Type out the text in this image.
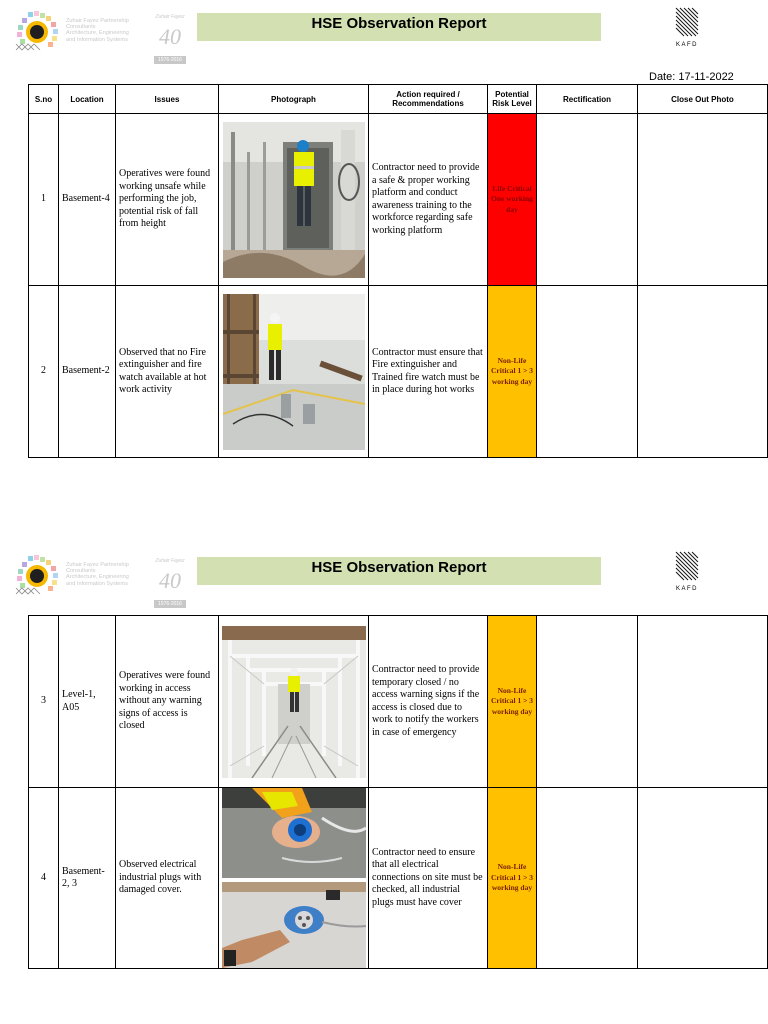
Zuhair Fayez Partnership
Consultants
Architecture, Engineering
and Information Systems
Zuhair Fayez
40
1976-2016
HSE Observation Report
KAFD
Date: 17-11-2022
S.no	Location	Issues	Photograph	Action required / Recommendations	Potential Risk Level	Rectification	Close Out Photo
1	Basement-4	Operatives were found working unsafe while performing the job, potential risk of fall from height		Contractor need to provide a safe & proper working platform and conduct awareness training to the workforce regarding safe working platform	Life Critical One working day		
2	Basement-2	Observed that no Fire extinguisher and fire watch available at hot work activity		Contractor must ensure that Fire extinguisher and Trained fire watch must be in place during hot works	Non-Life Critical 1 > 3 working day		
Zuhair Fayez Partnership
Consultants
Architecture, Engineering
and Information Systems
Zuhair Fayez
40
1976-2016
HSE Observation Report
KAFD
3	Level-1, A05	Operatives were found working in access without any warning signs of access is closed		Contractor need to provide temporary closed / no access warning signs if the access is closed due to work to notify the workers in case of emergency	Non-Life Critical 1 > 3 working day		
4	Basement-2, 3	Observed electrical industrial plugs with damaged cover.		Contractor need to ensure that all electrical connections on site must be checked, all industrial plugs must have cover	Non-Life Critical 1 > 3 working day		
